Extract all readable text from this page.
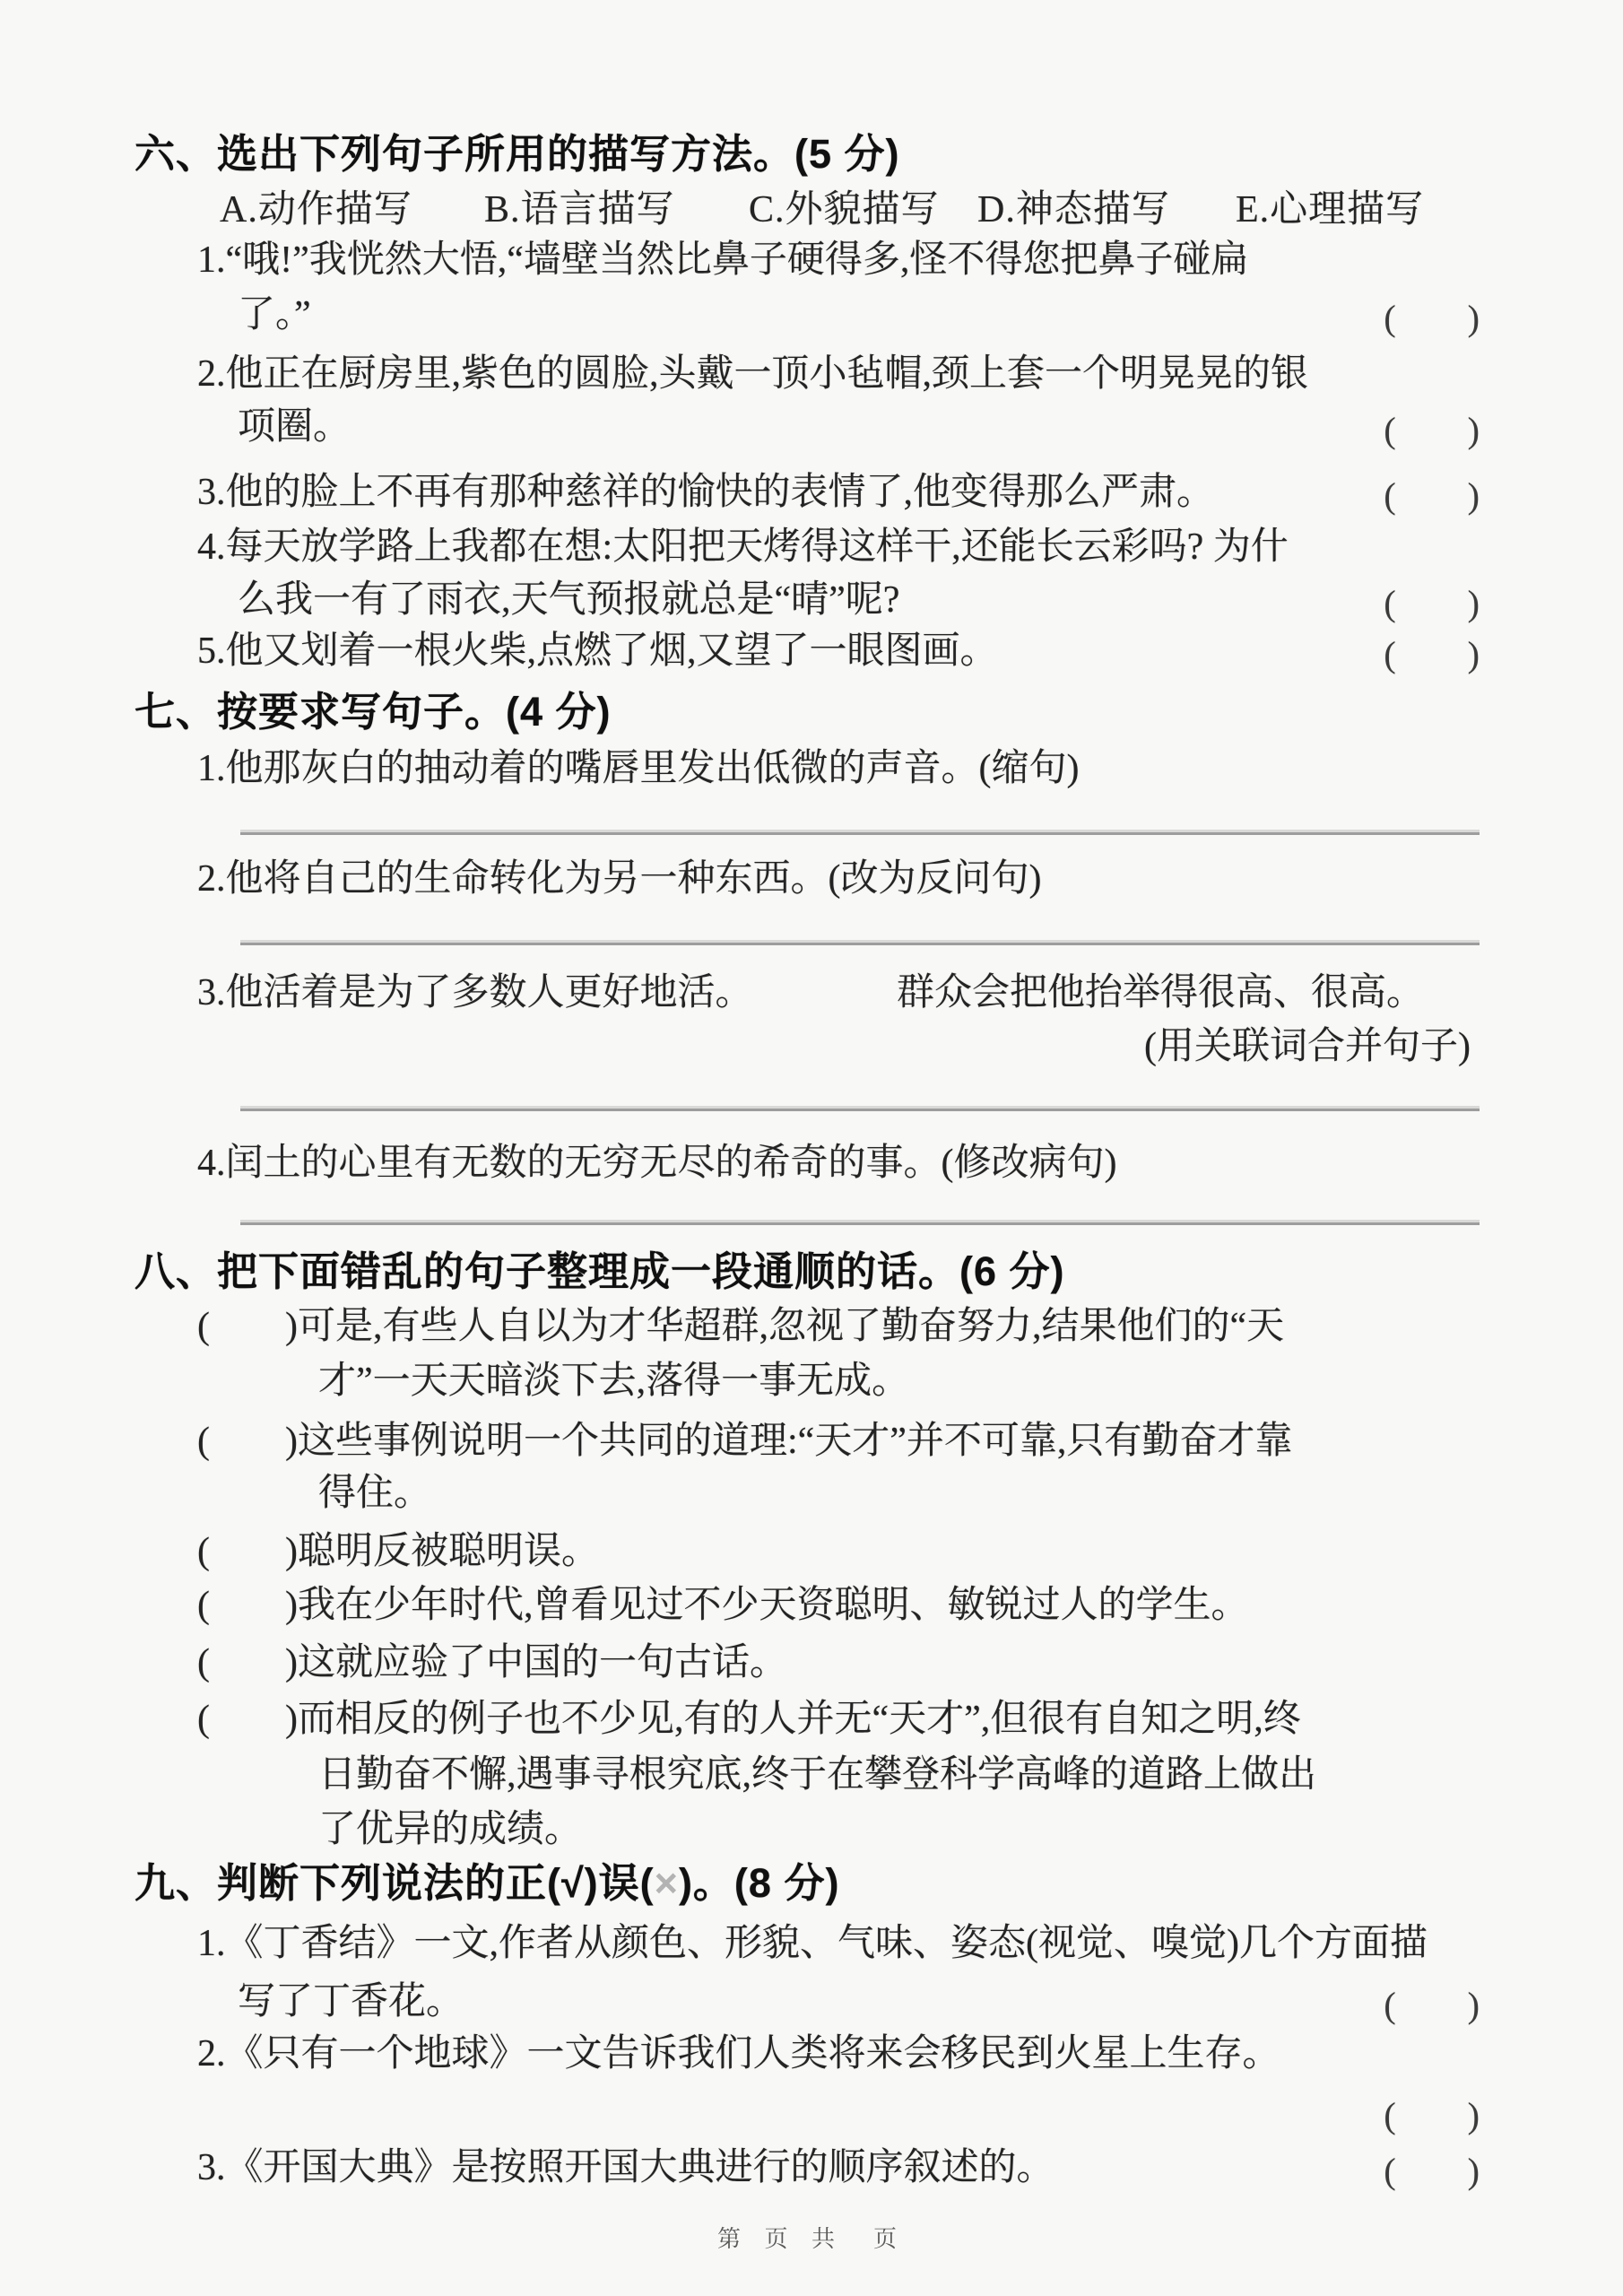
六、选出下列句子所用的描写方法。(5 分)
A.动作描写 B.语言描写 C.外貌描写 D.神态描写 E.心理描写
1.“哦!”我恍然大悟,“墙壁当然比鼻子硬得多,怪不得您把鼻子碰扁
了。”	(        )
2.他正在厨房里,紫色的圆脸,头戴一顶小毡帽,颈上套一个明晃晃的银
项圈。	(        )
3.他的脸上不再有那种慈祥的愉快的表情了,他变得那么严肃。	(        )
4.每天放学路上我都在想:太阳把天烤得这样干,还能长云彩吗? 为什
么我一有了雨衣,天气预报就总是“晴”呢?	(        )
5.他又划着一根火柴,点燃了烟,又望了一眼图画。	(        )
七、按要求写句子。(4 分)
1.他那灰白的抽动着的嘴唇里发出低微的声音。(缩句)
2.他将自己的生命转化为另一种东西。(改为反问句)
3.他活着是为了多数人更好地活。	群众会把他抬举得很高、很高。
(用关联词合并句子)
4.闰土的心里有无数的无穷无尽的希奇的事。(修改病句)
八、把下面错乱的句子整理成一段通顺的话。(6 分)
(        )可是,有些人自以为才华超群,忽视了勤奋努力,结果他们的“天
才”一天天暗淡下去,落得一事无成。
(        )这些事例说明一个共同的道理:“天才”并不可靠,只有勤奋才靠
得住。
(        )聪明反被聪明误。
(        )我在少年时代,曾看见过不少天资聪明、敏锐过人的学生。
(        )这就应验了中国的一句古话。
(        )而相反的例子也不少见,有的人并无“天才”,但很有自知之明,终
日勤奋不懈,遇事寻根究底,终于在攀登科学高峰的道路上做出
了优异的成绩。
九、判断下列说法的正(√)误(×)。(8 分)
1.《丁香结》一文,作者从颜色、形貌、气味、姿态(视觉、嗅觉)几个方面描
写了丁香花。	(        )
2.《只有一个地球》一文告诉我们人类将来会移民到火星上生存。
(        )
3.《开国大典》是按照开国大典进行的顺序叙述的。	(        )
第 页 共  页
